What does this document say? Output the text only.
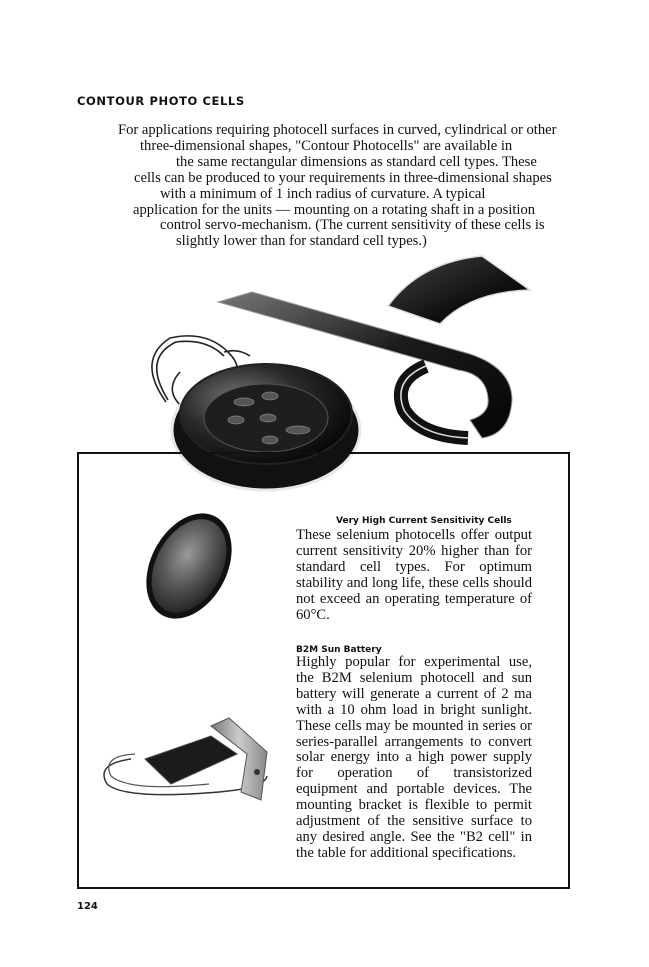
CONTOUR PHOTO CELLS
For applications requiring photocell surfaces in curved, cylindrical or other
three-dimensional shapes, "Contour Photocells" are available in
the same rectangular dimensions as standard cell types. These
cells can be produced to your requirements in three-dimensional shapes
with a minimum of 1 inch radius of curvature. A typical
application for the units — mounting on a rotating shaft in a position
control servo-mechanism. (The current sensitivity of these cells is
slightly lower than for standard cell types.)
Very High Current Sensitivity Cells
These selenium photocells offer output current sensitivity 20% higher than for standard cell types. For optimum stability and long life, these cells should not exceed an operating temperature of 60°C.
B2M Sun Battery
Highly popular for experimental use, the B2M selenium photocell and sun battery will generate a current of 2 ma with a 10 ohm load in bright sunlight. These cells may be mounted in series or series-parallel arrangements to convert solar energy into a high power supply for operation of transistorized equipment and portable devices. The mounting bracket is flexible to permit adjustment of the sensitive surface to any desired angle. See the "B2 cell" in the table for additional specifications.
124
